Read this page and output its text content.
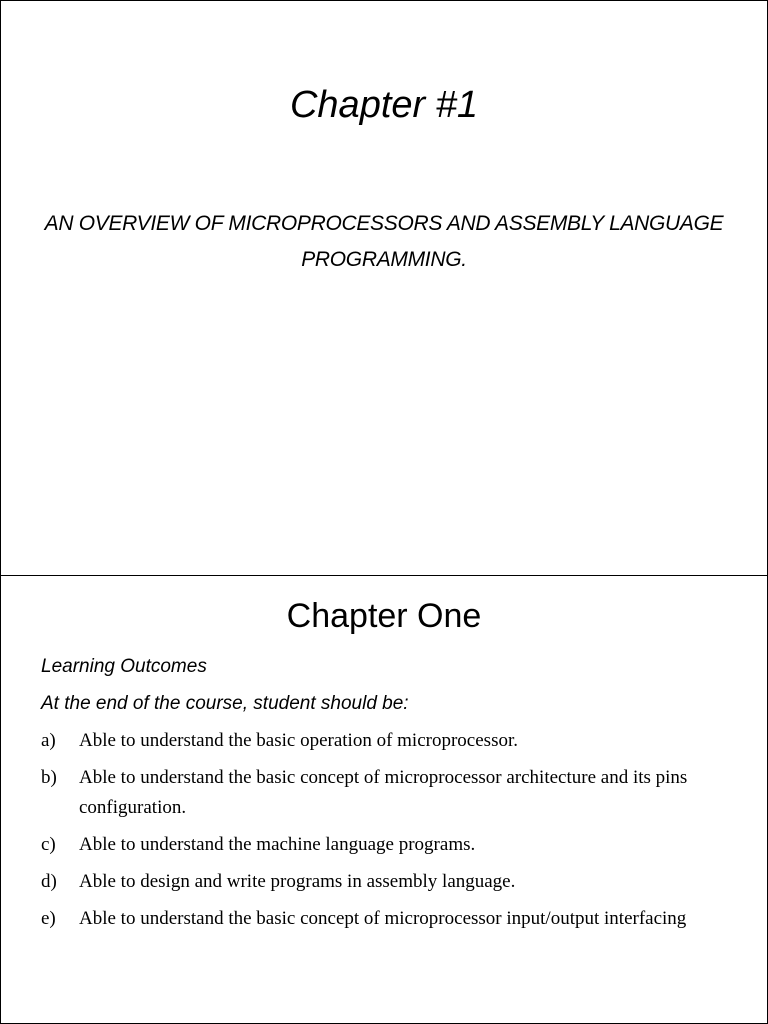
Chapter #1
AN OVERVIEW OF MICROPROCESSORS AND ASSEMBLY LANGUAGE PROGRAMMING.
Chapter One
Learning Outcomes
At the end of the course, student should be:
a) Able to understand the basic operation of microprocessor.
b) Able to understand the basic concept of microprocessor architecture and its pins configuration.
c) Able to understand the machine language programs.
d) Able to design and write programs in assembly language.
e) Able to understand the basic concept of microprocessor input/output interfacing
